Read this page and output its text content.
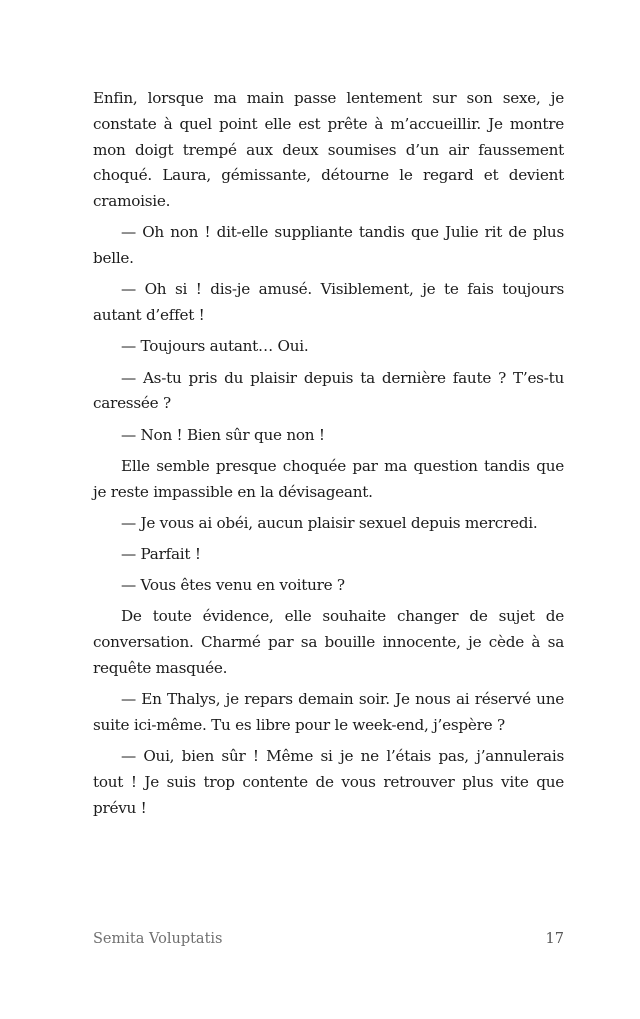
Enfin, lorsque ma main passe lentement sur son sexe, je constate à quel point elle est prête à m’accueillir. Je montre mon doigt trempé aux deux soumises d’un air faussement choqué. Laura, gémissante, détourne le regard et devient cramoisie.

— Oh non ! dit-elle suppliante tandis que Julie rit de plus belle.

— Oh si ! dis-je amusé. Visiblement, je te fais toujours autant d’effet !

— Toujours autant… Oui.

— As-tu pris du plaisir depuis ta dernière faute ? T’es-tu caressée ?

— Non ! Bien sûr que non !

Elle semble presque choquée par ma question tandis que je reste impassible en la dévisageant.

— Je vous ai obéi, aucun plaisir sexuel depuis mercredi.

— Parfait !

— Vous êtes venu en voiture ?

De toute évidence, elle souhaite changer de sujet de conversation. Charmé par sa bouille innocente, je cède à sa requête masquée.

— En Thalys, je repars demain soir. Je nous ai réservé une suite ici-même. Tu es libre pour le week-end, j’espère ?

— Oui, bien sûr ! Même si je ne l’étais pas, j’annulerais tout ! Je suis trop contente de vous retrouver plus vite que prévu !

Semita Voluptatis	17
